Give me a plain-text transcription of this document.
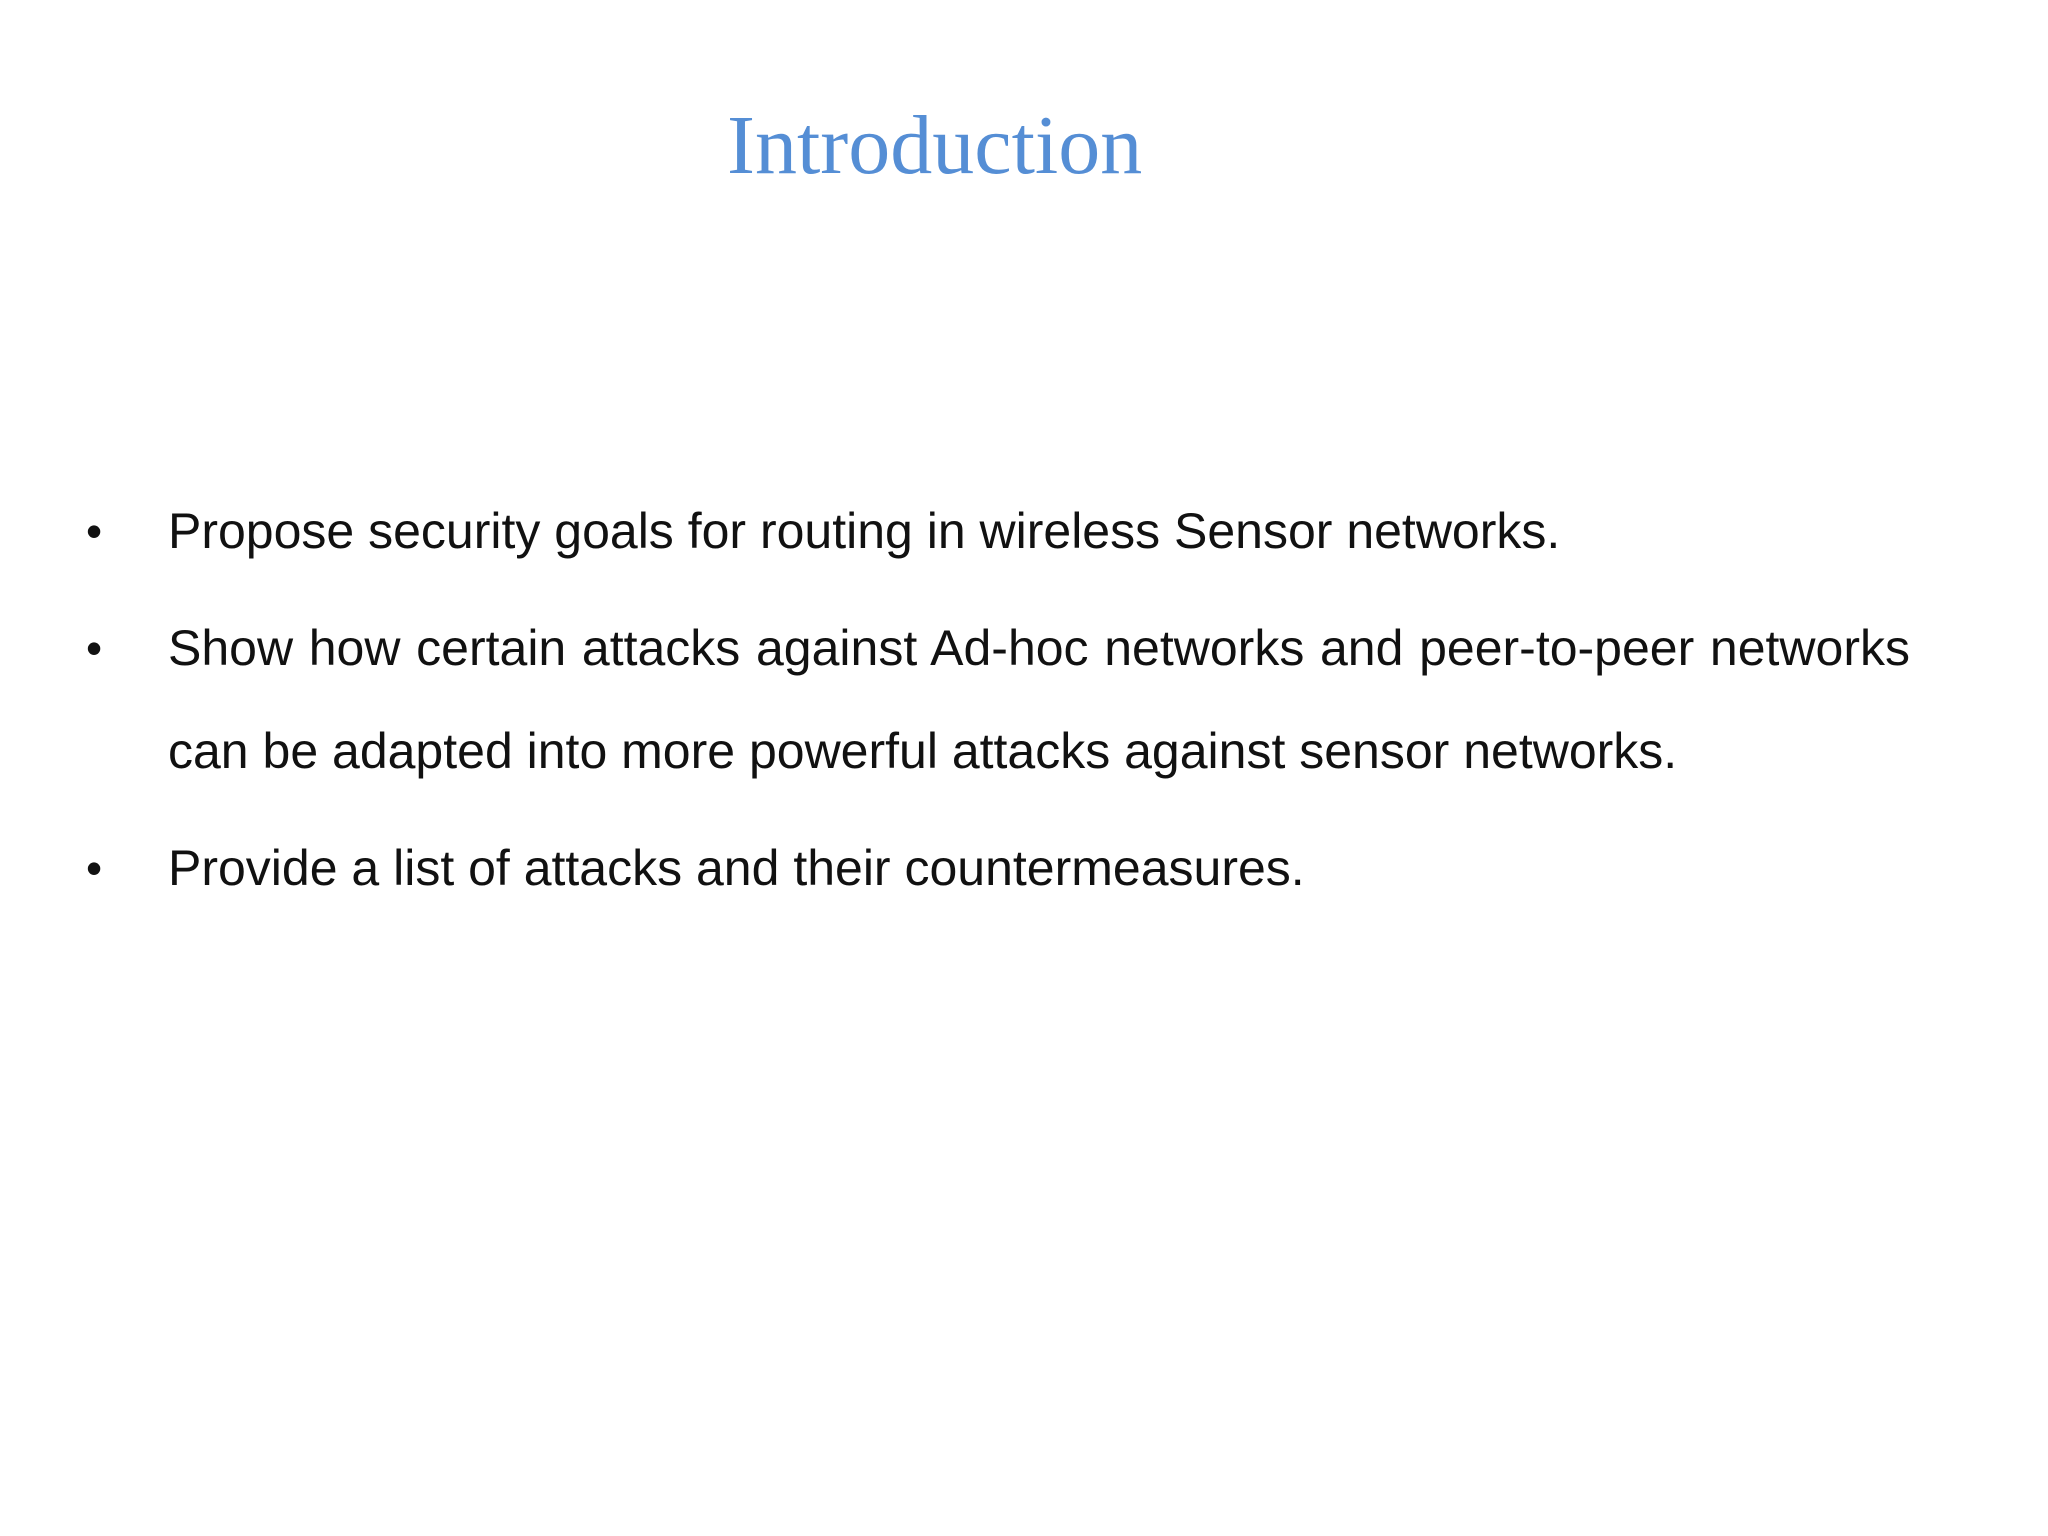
Introduction
•	Propose security goals for routing in wireless Sensor networks.
•	Show how certain attacks against Ad-hoc networks and peer-to-peer networks can be adapted into more powerful attacks against sensor networks.
•	Provide a list of attacks and their countermeasures.
